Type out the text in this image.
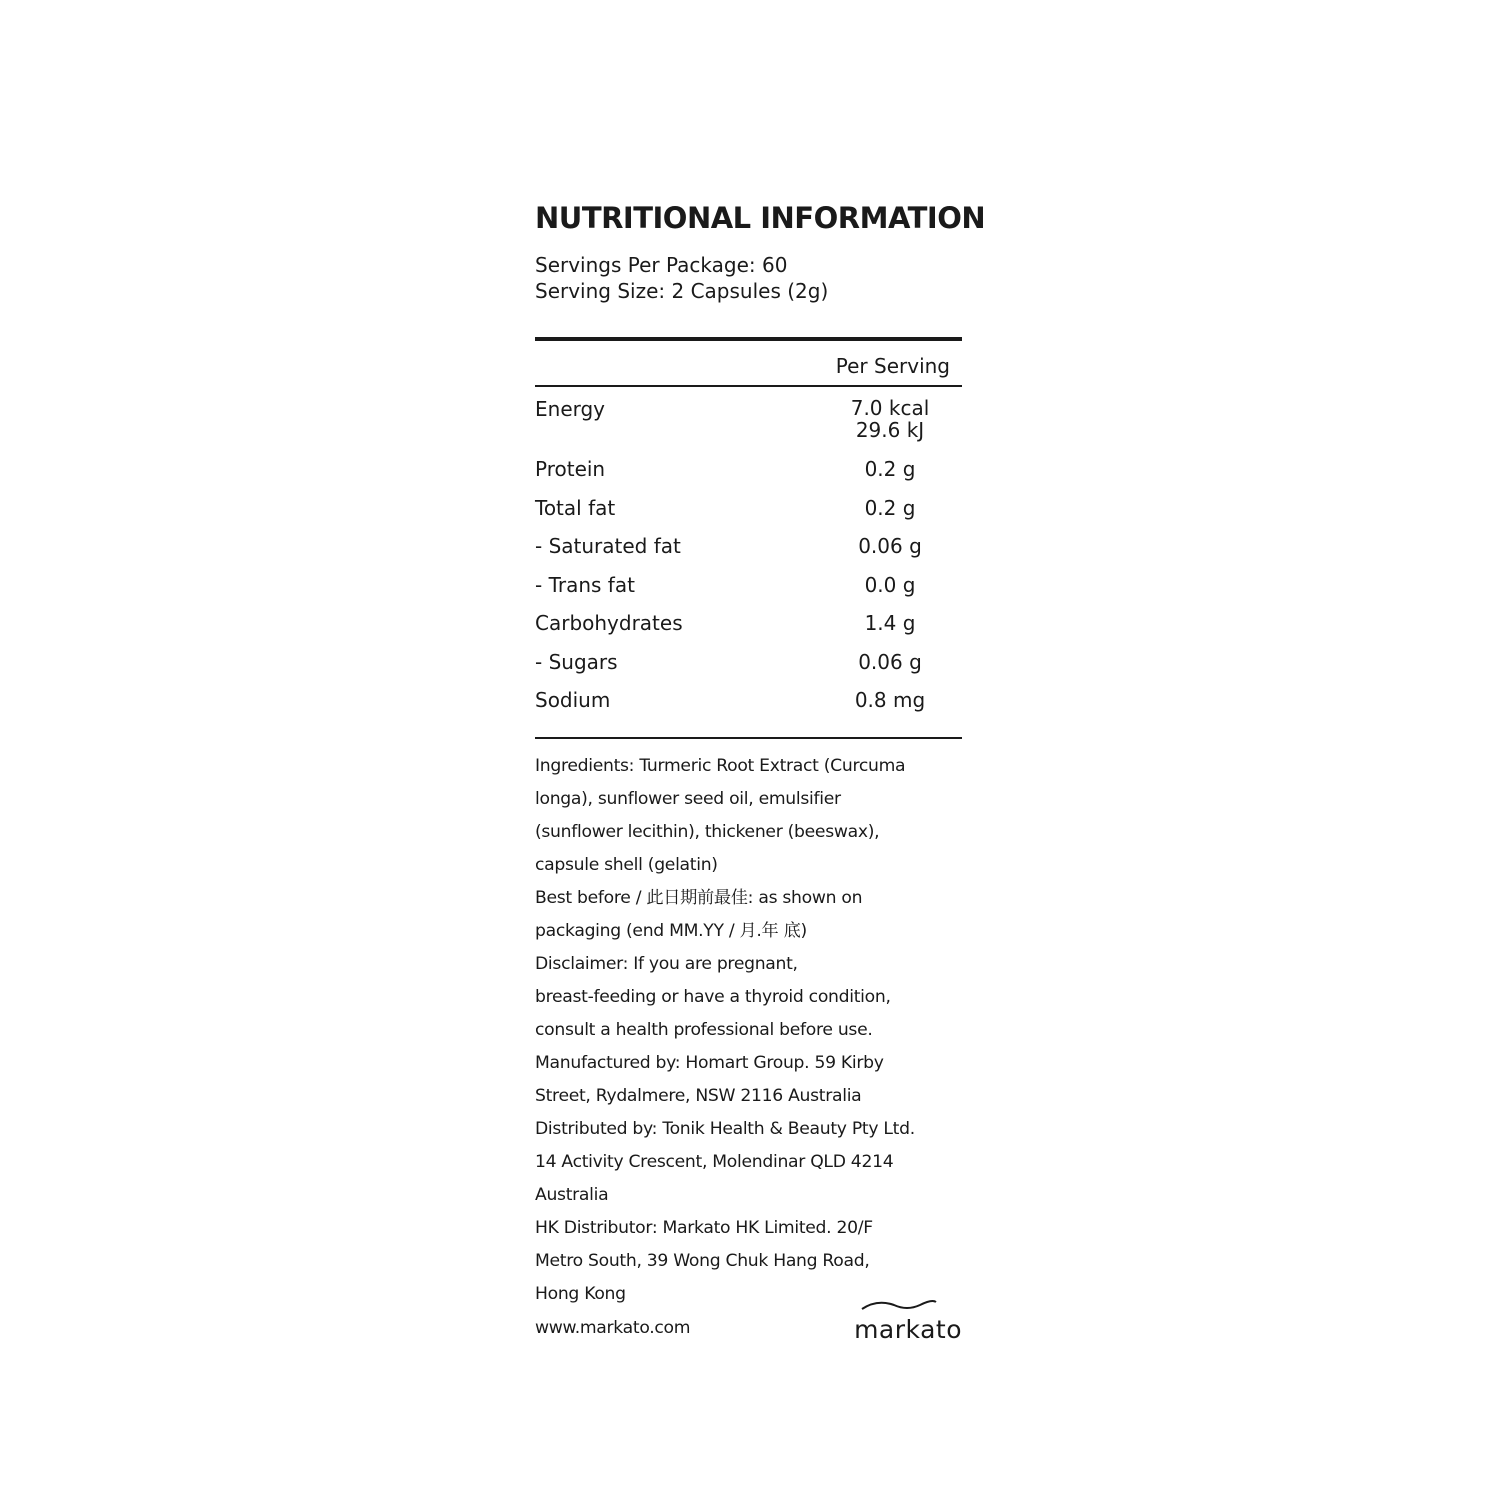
NUTRITIONAL INFORMATION
Servings Per Package: 60
Serving Size: 2 Capsules (2g)
Per Serving
Energy	7.0 kcal
29.6 kJ
Protein	0.2 g
Total fat	0.2 g
- Saturated fat	0.06 g
- Trans fat	0.0 g
Carbohydrates	1.4 g
- Sugars	0.06 g
Sodium	0.8 mg

Ingredients: Turmeric Root Extract (Curcuma
longa), sunflower seed oil, emulsifier
(sunflower lecithin), thickener (beeswax),
capsule shell (gelatin)

Best before / 此日期前最佳: as shown on
packaging (end MM.YY / 月.年 底)

Disclaimer: If you are pregnant,
breast-feeding or have a thyroid condition,
consult a health professional before use.

Manufactured by: Homart Group. 59 Kirby
Street, Rydalmere, NSW 2116 Australia

Distributed by: Tonik Health & Beauty Pty Ltd.
14 Activity Crescent, Molendinar QLD 4214
Australia

HK Distributor: Markato HK Limited. 20/F
Metro South, 39 Wong Chuk Hang Road,
Hong Kong

www.markato.com	markato
